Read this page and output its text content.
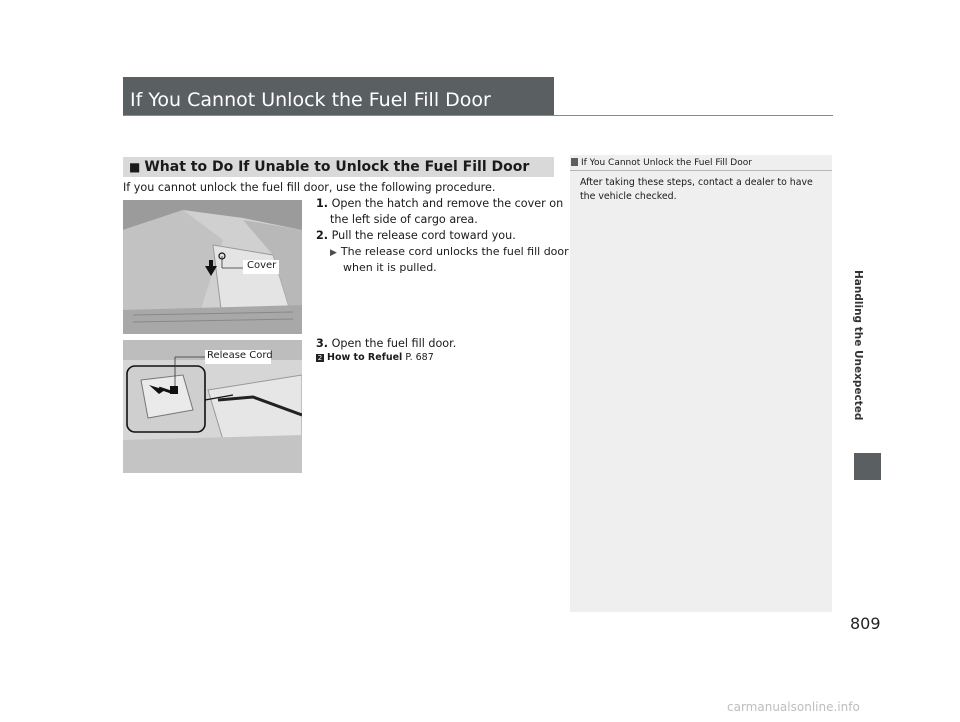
If You Cannot Unlock the Fuel Fill Door
■ What to Do If Unable to Unlock the Fuel Fill Door
If you cannot unlock the fuel fill door, use the following procedure.
Cover
Release Cord
1. Open the hatch and remove the cover on
the left side of cargo area.
2. Pull the release cord toward you.
▶ The release cord unlocks the fuel fill door
when it is pulled.
3. Open the fuel fill door.
2 How to Refuel P. 687
If You Cannot Unlock the Fuel Fill Door
After taking these steps, contact a dealer to have the vehicle checked.
Handling the Unexpected
809
carmanualsonline.info
